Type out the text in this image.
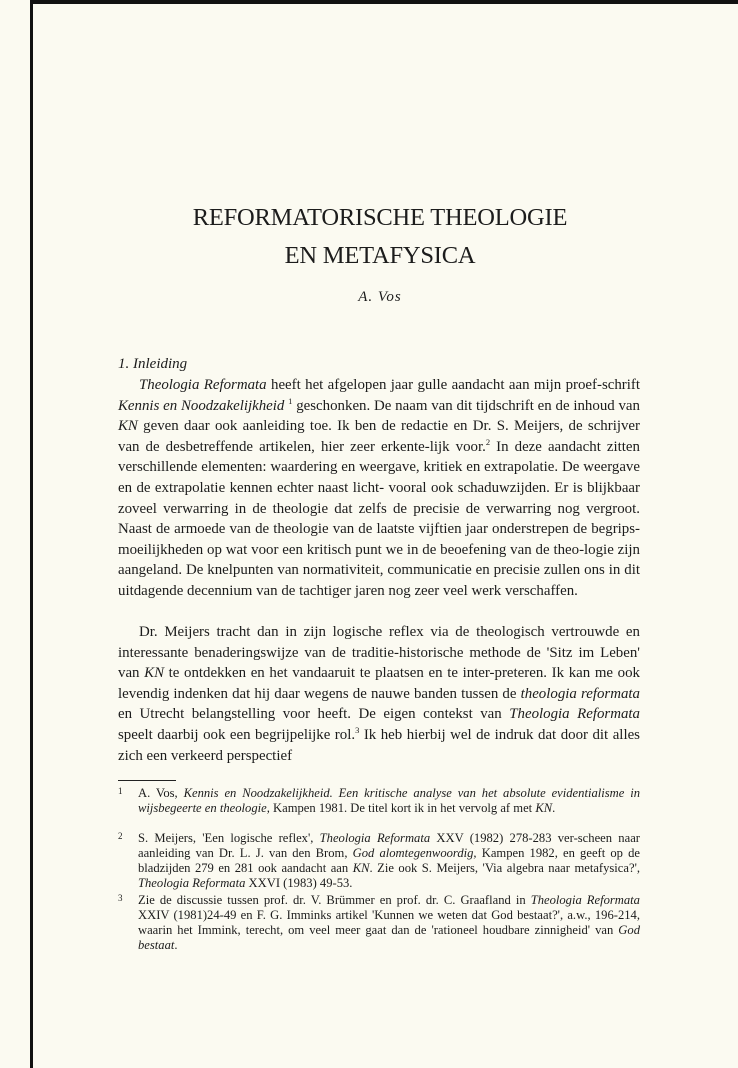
REFORMATORISCHE THEOLOGIE
EN METAFYSICA
A. Vos
1. Inleiding

Theologia Reformata heeft het afgelopen jaar gulle aandacht aan mijn proef-schrift Kennis en Noodzakelijkheid $^1$ geschonken. De naam van dit tijdschrift en de inhoud van KN geven daar ook aanleiding toe. Ik ben de redactie en Dr. S. Meijers, de schrijver van de desbetreffende artikelen, hier zeer erkente-lijk voor.$^2$ In deze aandacht zitten verschillende elementen: waardering en weergave, kritiek en extrapolatie. De weergave en de extrapolatie kennen echter naast licht- vooral ook schaduwzijden. Er is blijkbaar zoveel verwarring in de theologie dat zelfs de precisie de verwarring nog vergroot. Naast de armoede van de theologie van de laatste vijftien jaar onderstrepen de begrips-moeilijkheden op wat voor een kritisch punt we in de beoefening van de theo-logie zijn aangeland. De knelpunten van normativiteit, communicatie en precisie zullen ons in dit uitdagende decennium van de tachtiger jaren nog zeer veel werk verschaffen.

Dr. Meijers tracht dan in zijn logische reflex via de theologisch vertrouwde en interessante benaderingswijze van de traditie-historische methode de 'Sitz im Leben' van KN te ontdekken en het vandaaruit te plaatsen en te inter-preteren. Ik kan me ook levendig indenken dat hij daar wegens de nauwe banden tussen de theologia reformata en Utrecht belangstelling voor heeft. De eigen contekst van Theologia Reformata speelt daarbij ook een begrijpelijke rol.$^3$ Ik heb hierbij wel de indruk dat door dit alles zich een verkeerd perspectief

1 A. Vos, Kennis en Noodzakelijkheid. Een kritische analyse van het absolute evidentialisme in wijsbegeerte en theologie, Kampen 1981. De titel kort ik in het vervolg af met KN.

2 S. Meijers, 'Een logische reflex', Theologia Reformata XXV (1982) 278-283 ver-scheen naar aanleiding van Dr. L. J. van den Brom, God alomtegenwoordig, Kampen 1982, en geeft op de bladzijden 279 en 281 ook aandacht aan KN. Zie ook S. Meijers, 'Via algebra naar metafysica?', Theologia Reformata XXVI (1983) 49-53.

3 Zie de discussie tussen prof. dr. V. Brümmer en prof. dr. C. Graafland in Theologia Reformata XXIV (1981)24-49 en F. G. Imminks artikel 'Kunnen we weten dat God bestaat?', a.w., 196-214, waarin het Immink, terecht, om veel meer gaat dan de 'rationeel houdbare zinnigheid' van God bestaat.
